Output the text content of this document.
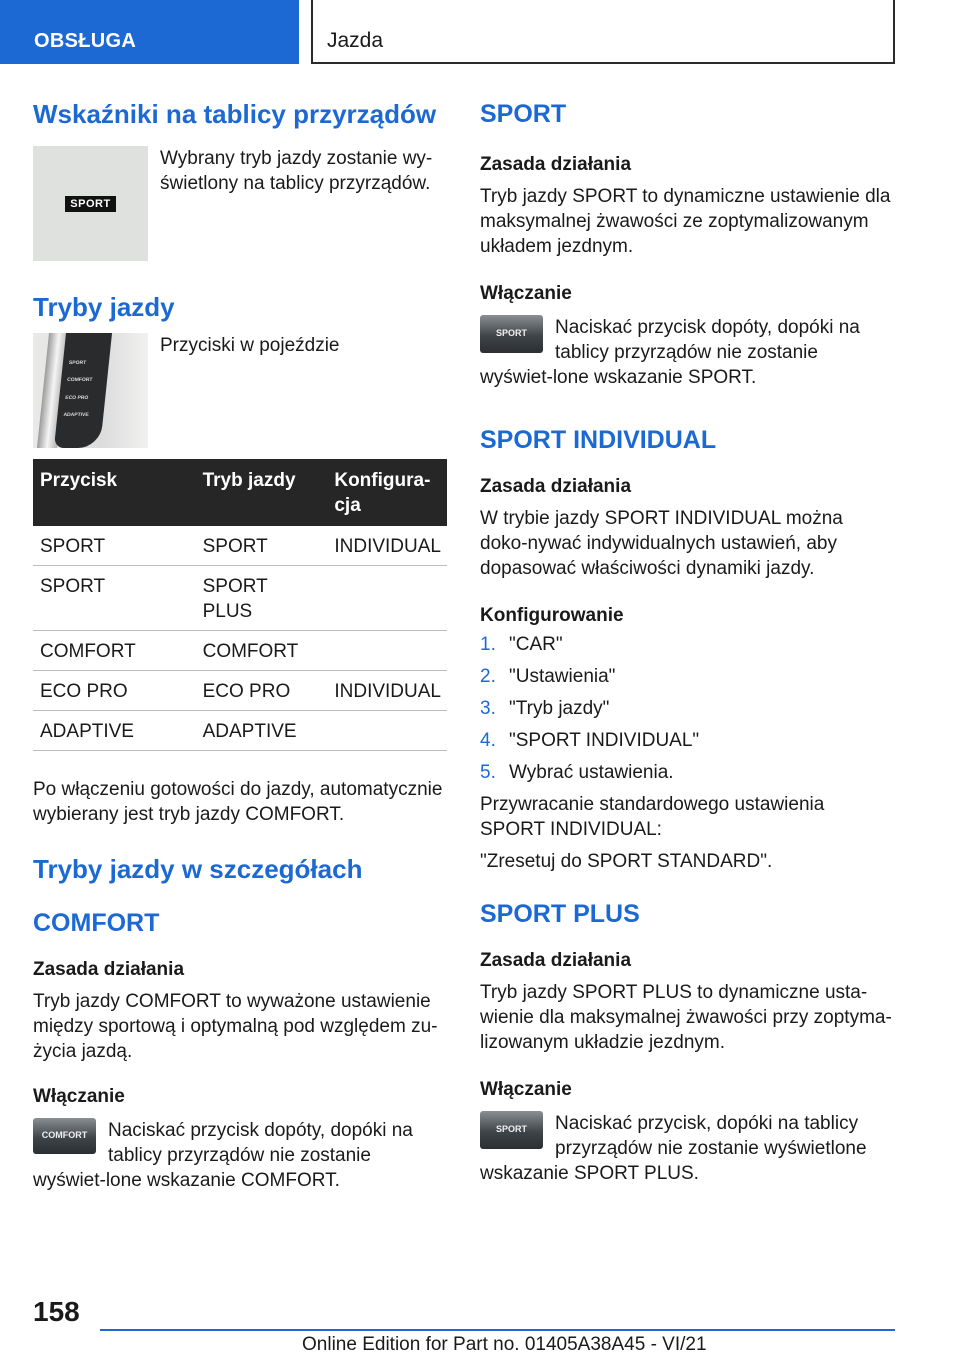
OBSŁUGA	Jazda
Wskaźniki na tablicy przyrządów
SPORT
Wybrany tryb jazdy zostanie wy-świetlony na tablicy przyrządów.
Tryby jazdy
SPORT
COMFORT
ECO PRO
ADAPTIVE
Przyciski w pojeździe
Przycisk	Tryb jazdy	Konfigura-cja
SPORT	SPORT	INDIVIDUAL
SPORT	SPORT PLUS	
COMFORT	COMFORT	
ECO PRO	ECO PRO	INDIVIDUAL
ADAPTIVE	ADAPTIVE	
Po włączeniu gotowości do jazdy, automatycznie wybierany jest tryb jazdy COMFORT.
Tryby jazdy w szczegółach
COMFORT
Zasada działania
Tryb jazdy COMFORT to wyważone ustawienie między sportową i optymalną pod względem zu-życia jazdą.
Włączanie
COMFORT	Naciskać przycisk dopóty, dopóki na tablicy przyrządów nie zostanie wyświet-lone wskazanie COMFORT.
SPORT
Zasada działania
Tryb jazdy SPORT to dynamiczne ustawienie dla maksymalnej żwawości ze zoptymalizowanym układem jezdnym.
Włączanie
SPORT	Naciskać przycisk dopóty, dopóki na tablicy przyrządów nie zostanie wyświet-lone wskazanie SPORT.
SPORT INDIVIDUAL
Zasada działania
W trybie jazdy SPORT INDIVIDUAL można doko-nywać indywidualnych ustawień, aby dopasować właściwości dynamiki jazdy.
Konfigurowanie
1. "CAR"
2. "Ustawienia"
3. "Tryb jazdy"
4. "SPORT INDIVIDUAL"
5. Wybrać ustawienia.
Przywracanie standardowego ustawienia SPORT INDIVIDUAL:
"Zresetuj do SPORT STANDARD".
SPORT PLUS
Zasada działania
Tryb jazdy SPORT PLUS to dynamiczne usta-wienie dla maksymalnej żwawości przy zoptyma-lizowanym układzie jezdnym.
Włączanie
SPORT	Naciskać przycisk, dopóki na tablicy przyrządów nie zostanie wyświetlone wskazanie SPORT PLUS.
158
Online Edition for Part no. 01405A38A45 - VI/21
